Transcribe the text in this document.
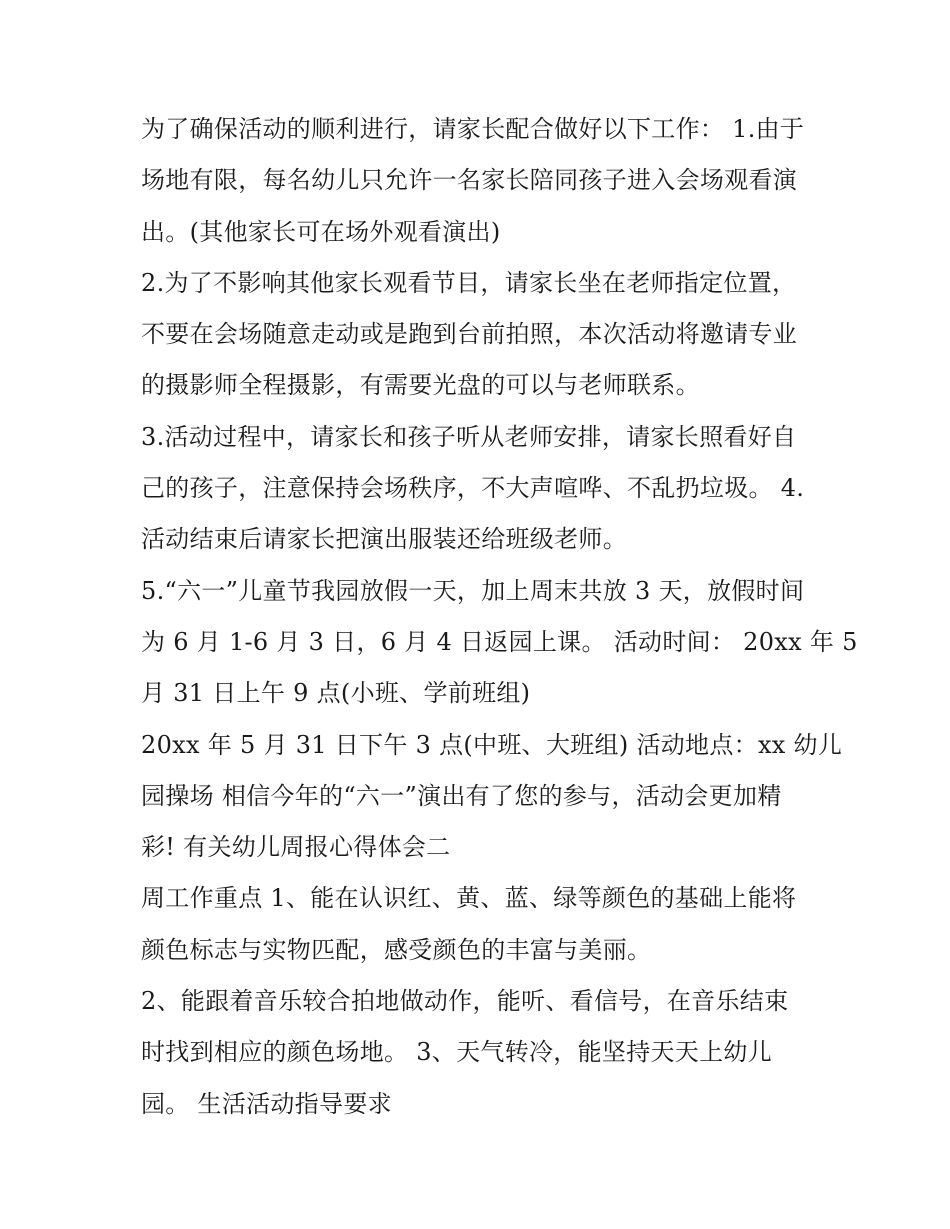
为了确保活动的顺利进行，请家长配合做好以下工作： 1.由于
场地有限，每名幼儿只允许一名家长陪同孩子进入会场观看演
出。(其他家长可在场外观看演出)
2.为了不影响其他家长观看节目，请家长坐在老师指定位置，
不要在会场随意走动或是跑到台前拍照，本次活动将邀请专业
的摄影师全程摄影，有需要光盘的可以与老师联系。
3.活动过程中，请家长和孩子听从老师安排，请家长照看好自
己的孩子，注意保持会场秩序，不大声喧哗、不乱扔垃圾。 4.
活动结束后请家长把演出服装还给班级老师。
5.“六一”儿童节我园放假一天，加上周末共放 3 天，放假时间
为 6 月 1-6 月 3 日，6 月 4 日返园上课。 活动时间： 20xx 年 5
月 31 日上午 9 点(小班、学前班组)
20xx 年 5 月 31 日下午 3 点(中班、大班组) 活动地点：xx 幼儿
园操场 相信今年的“六一”演出有了您的参与，活动会更加精
彩! 有关幼儿周报心得体会二
周工作重点 1、能在认识红、黄、蓝、绿等颜色的基础上能将
颜色标志与实物匹配，感受颜色的丰富与美丽。
2、能跟着音乐较合拍地做动作，能听、看信号，在音乐结束
时找到相应的颜色场地。 3、天气转冷，能坚持天天上幼儿
园。 生活活动指导要求
